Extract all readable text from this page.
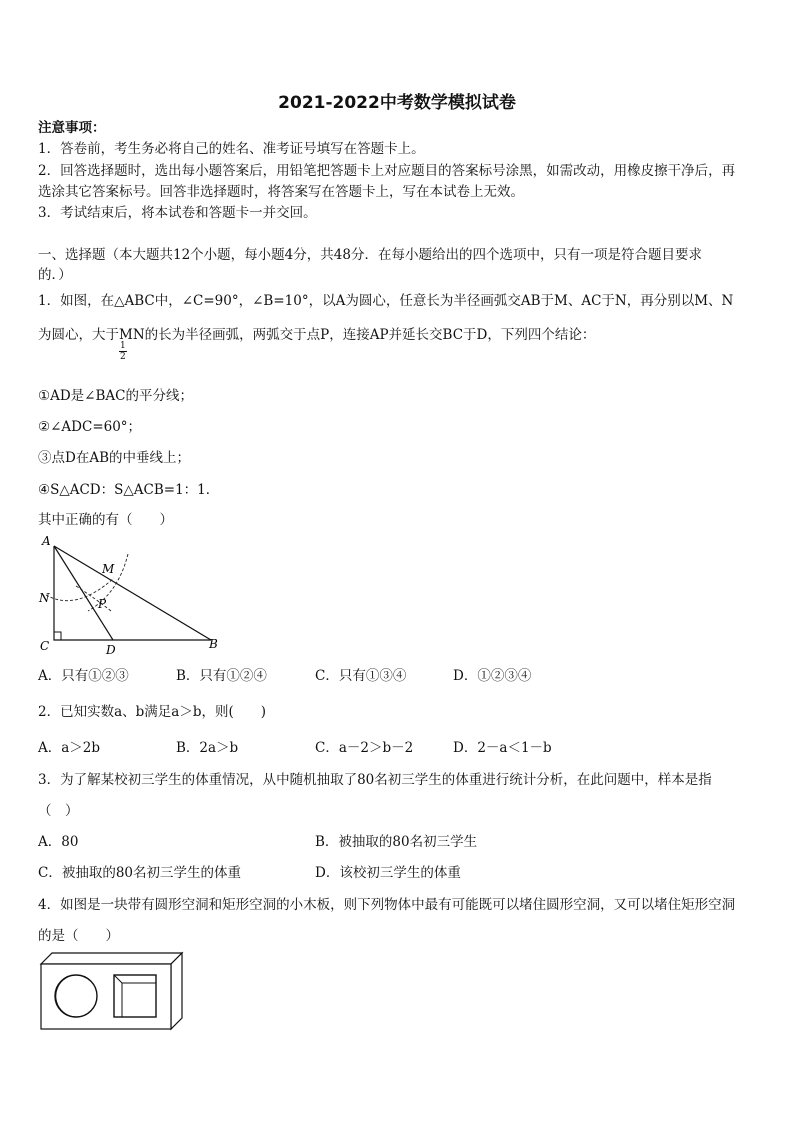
2021-2022中考数学模拟试卷
注意事项：
1．答卷前，考生务必将自己的姓名、准考证号填写在答题卡上。
2．回答选择题时，选出每小题答案后，用铅笔把答题卡上对应题目的答案标号涂黑，如需改动，用橡皮擦干净后，再
选涂其它答案标号。回答非选择题时，将答案写在答题卡上，写在本试卷上无效。
3．考试结束后，将本试卷和答题卡一并交回。
一、选择题（本大题共12个小题，每小题4分，共48分．在每小题给出的四个选项中，只有一项是符合题目要求
的．）
1．如图，在△ABC中，∠C=90°，∠B=10°，以A为圆心，任意长为半径画弧交AB于M、AC于N，再分别以M、N
为圆心，大于MN的长为半径画弧，两弧交于点P，连接AP并延长交BC于D，下列四个结论：
$\frac{1}{2}$
①AD是∠BAC的平分线；
②∠ADC=60°；
③点D在AB的中垂线上；
④S△ACD：S△ACB=1：1．
其中正确的有（　　）
A
M
N	P
C	D	B
A．只有①②③	B．只有①②④	C．只有①③④	D．①②③④
2．已知实数a、b满足a＞b，则(　　)
A．a＞2b	B．2a＞b	C．a－2＞b－2	D．2－a＜1－b
3．为了解某校初三学生的体重情况，从中随机抽取了80名初三学生的体重进行统计分析，在此问题中，样本是指
（　）
A．80	B．被抽取的80名初三学生
C．被抽取的80名初三学生的体重	D．该校初三学生的体重
4．如图是一块带有圆形空洞和矩形空洞的小木板，则下列物体中最有可能既可以堵住圆形空洞，又可以堵住矩形空洞
的是（　　）
